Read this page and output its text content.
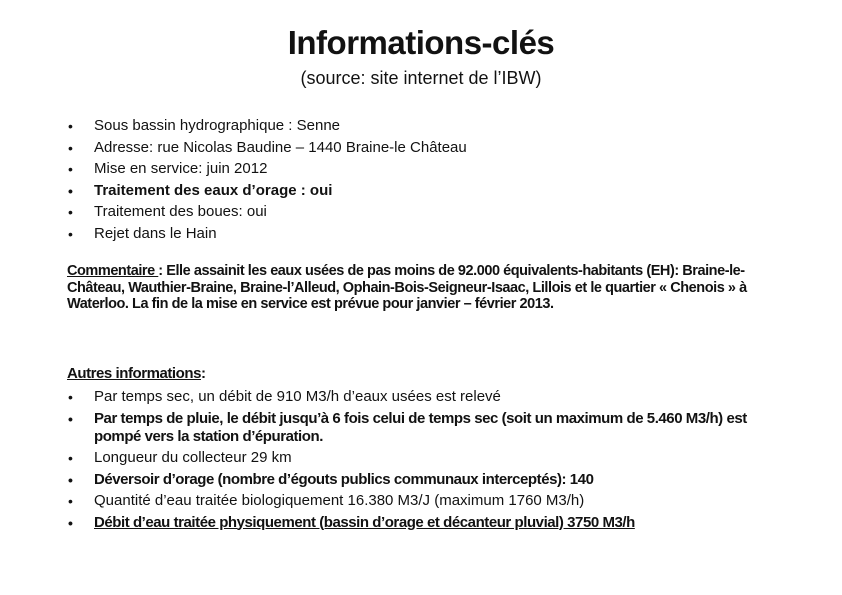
Informations-clés
(source: site internet de l’IBW)
• Sous bassin hydrographique : Senne
• Adresse: rue Nicolas Baudine – 1440 Braine-le Château
• Mise en service: juin 2012
• Traitement des eaux d’orage : oui
• Traitement des boues: oui
• Rejet dans le Hain

Commentaire : Elle assainit les eaux usées de pas moins de 92.000 équivalents-habitants (EH): Braine-le-Château, Wauthier-Braine, Braine-l’Alleud, Ophain-Bois-Seigneur-Isaac, Lillois et le quartier « Chenois » à Waterloo. La fin de la mise en service est prévue pour janvier – février 2013.

Autres informations:

• Par temps sec, un débit de 910 M3/h d’eaux usées est relevé
• Par temps de pluie, le débit jusqu’à 6 fois celui de temps sec (soit un maximum de 5.460 M3/h) est pompé vers la station d’épuration.
• Longueur du collecteur 29 km
• Déversoir d’orage (nombre d’égouts publics communaux interceptés): 140
• Quantité d’eau traitée biologiquement 16.380 M3/J (maximum 1760 M3/h)
• Débit d’eau traitée physiquement (bassin d’orage et décanteur pluvial) 3750 M3/h
